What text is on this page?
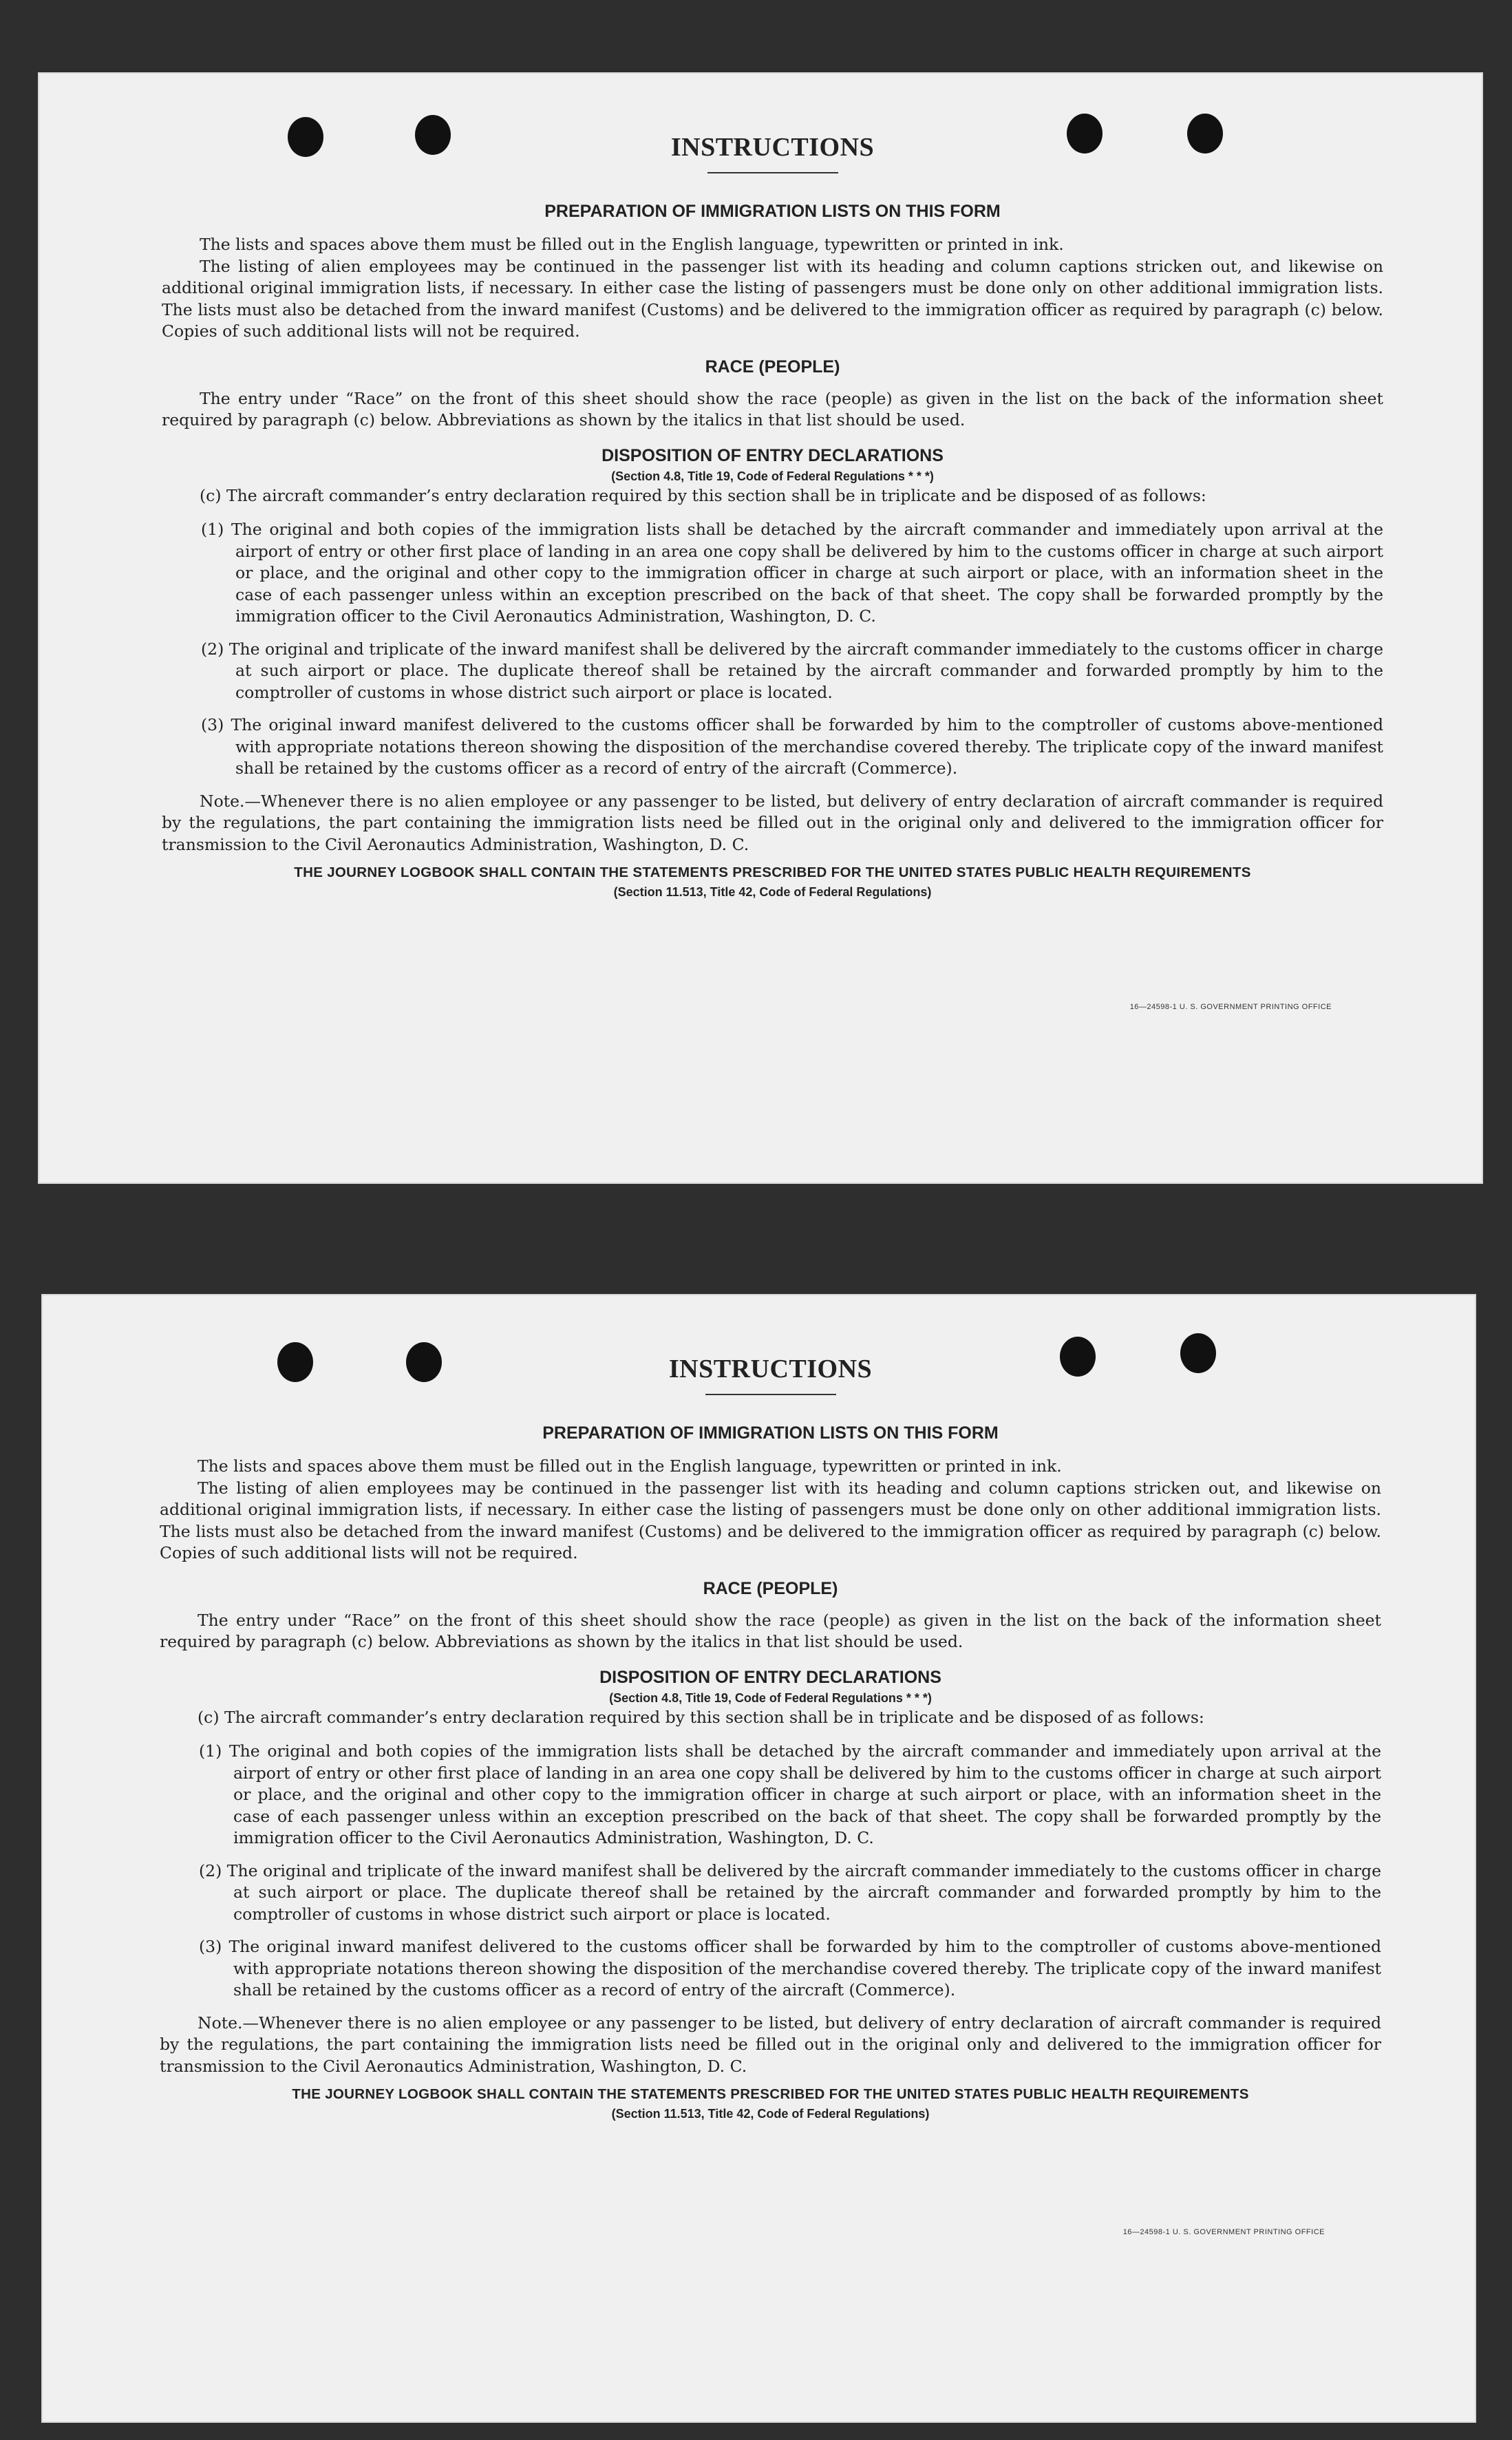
INSTRUCTIONS
PREPARATION OF IMMIGRATION LISTS ON THIS FORM

The lists and spaces above them must be filled out in the English language, typewritten or printed in ink.

The listing of alien employees may be continued in the passenger list with its heading and column captions stricken out, and likewise on additional original immigration lists, if necessary. In either case the listing of passengers must be done only on other additional immigration lists. The lists must also be detached from the inward manifest (Customs) and be delivered to the immigration officer as required by paragraph (c) below. Copies of such additional lists will not be required.

RACE (PEOPLE)

The entry under “Race” on the front of this sheet should show the race (people) as given in the list on the back of the information sheet required by paragraph (c) below. Abbreviations as shown by the italics in that list should be used.

DISPOSITION OF ENTRY DECLARATIONS

(Section 4.8, Title 19, Code of Federal Regulations * * *)

(c) The aircraft commander’s entry declaration required by this section shall be in triplicate and be disposed of as follows:

(1) The original and both copies of the immigration lists shall be detached by the aircraft commander and immediately upon arrival at the airport of entry or other first place of landing in an area one copy shall be delivered by him to the customs officer in charge at such airport or place, and the original and other copy to the immigration officer in charge at such airport or place, with an information sheet in the case of each passenger unless within an exception prescribed on the back of that sheet. The copy shall be forwarded promptly by the immigration officer to the Civil Aeronautics Administration, Washington, D. C.

(2) The original and triplicate of the inward manifest shall be delivered by the aircraft commander immediately to the customs officer in charge at such airport or place. The duplicate thereof shall be retained by the aircraft commander and forwarded promptly by him to the comptroller of customs in whose district such airport or place is located.

(3) The original inward manifest delivered to the customs officer shall be forwarded by him to the comptroller of customs above-mentioned with appropriate notations thereon showing the disposition of the merchandise covered thereby. The triplicate copy of the inward manifest shall be retained by the customs officer as a record of entry of the aircraft (Commerce).

Note.—Whenever there is no alien employee or any passenger to be listed, but delivery of entry declaration of aircraft commander is required by the regulations, the part containing the immigration lists need be filled out in the original only and delivered to the immigration officer for transmission to the Civil Aeronautics Administration, Washington, D. C.

THE JOURNEY LOGBOOK SHALL CONTAIN THE STATEMENTS PRESCRIBED FOR THE UNITED STATES PUBLIC HEALTH REQUIREMENTS

(Section 11.513, Title 42, Code of Federal Regulations)

16—24598-1 U. S. GOVERNMENT PRINTING OFFICE
INSTRUCTIONS
PREPARATION OF IMMIGRATION LISTS ON THIS FORM

The lists and spaces above them must be filled out in the English language, typewritten or printed in ink.

The listing of alien employees may be continued in the passenger list with its heading and column captions stricken out, and likewise on additional original immigration lists, if necessary. In either case the listing of passengers must be done only on other additional immigration lists. The lists must also be detached from the inward manifest (Customs) and be delivered to the immigration officer as required by paragraph (c) below. Copies of such additional lists will not be required.

RACE (PEOPLE)

The entry under “Race” on the front of this sheet should show the race (people) as given in the list on the back of the information sheet required by paragraph (c) below. Abbreviations as shown by the italics in that list should be used.

DISPOSITION OF ENTRY DECLARATIONS

(Section 4.8, Title 19, Code of Federal Regulations * * *)

(c) The aircraft commander’s entry declaration required by this section shall be in triplicate and be disposed of as follows:

(1) The original and both copies of the immigration lists shall be detached by the aircraft commander and immediately upon arrival at the airport of entry or other first place of landing in an area one copy shall be delivered by him to the customs officer in charge at such airport or place, and the original and other copy to the immigration officer in charge at such airport or place, with an information sheet in the case of each passenger unless within an exception prescribed on the back of that sheet. The copy shall be forwarded promptly by the immigration officer to the Civil Aeronautics Administration, Washington, D. C.

(2) The original and triplicate of the inward manifest shall be delivered by the aircraft commander immediately to the customs officer in charge at such airport or place. The duplicate thereof shall be retained by the aircraft commander and forwarded promptly by him to the comptroller of customs in whose district such airport or place is located.

(3) The original inward manifest delivered to the customs officer shall be forwarded by him to the comptroller of customs above-mentioned with appropriate notations thereon showing the disposition of the merchandise covered thereby. The triplicate copy of the inward manifest shall be retained by the customs officer as a record of entry of the aircraft (Commerce).

Note.—Whenever there is no alien employee or any passenger to be listed, but delivery of entry declaration of aircraft commander is required by the regulations, the part containing the immigration lists need be filled out in the original only and delivered to the immigration officer for transmission to the Civil Aeronautics Administration, Washington, D. C.

THE JOURNEY LOGBOOK SHALL CONTAIN THE STATEMENTS PRESCRIBED FOR THE UNITED STATES PUBLIC HEALTH REQUIREMENTS

(Section 11.513, Title 42, Code of Federal Regulations)

16—24598-1 U. S. GOVERNMENT PRINTING OFFICE
